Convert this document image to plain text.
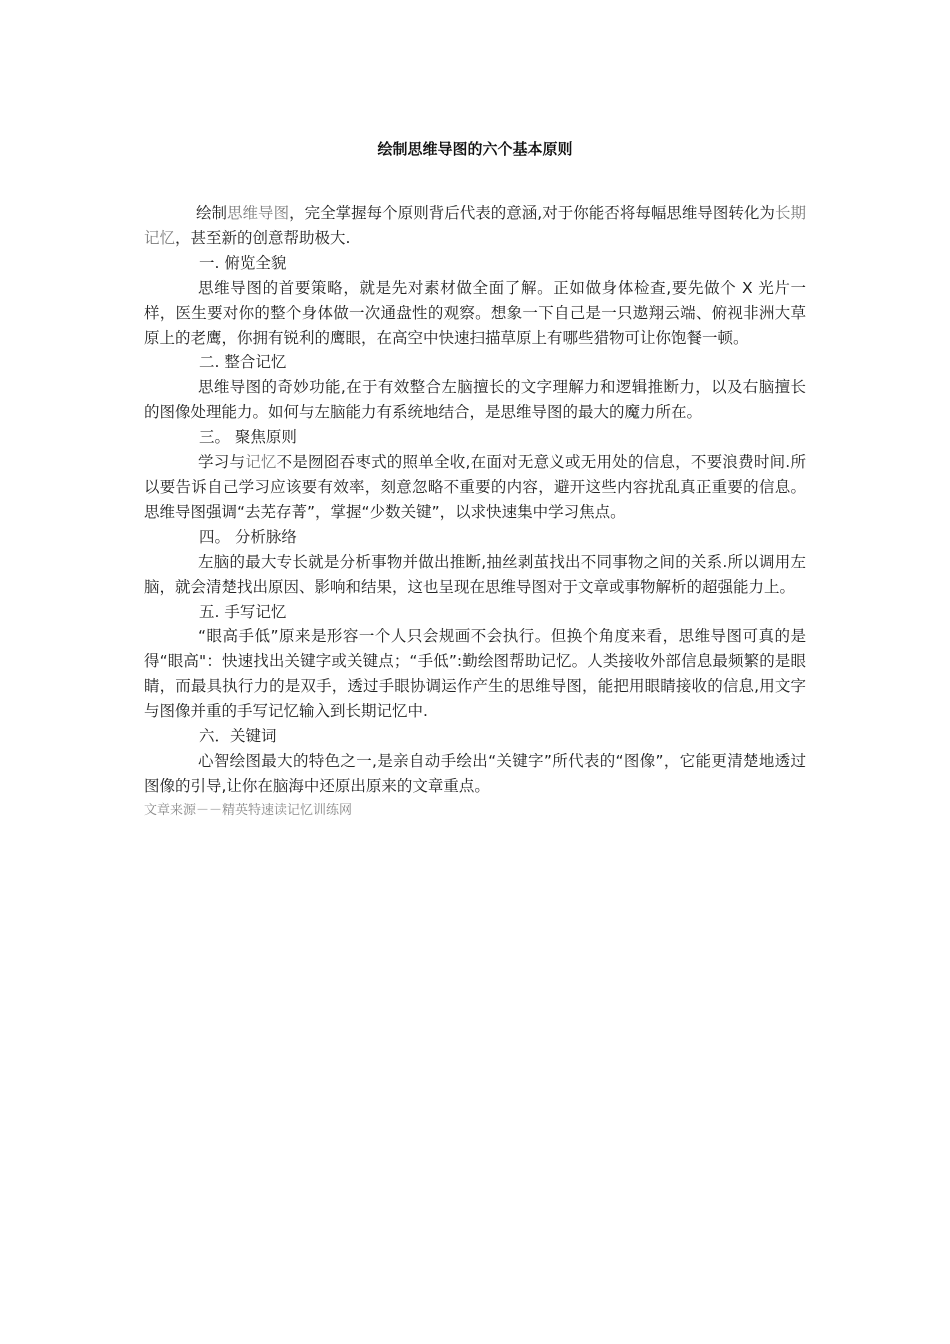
绘制思维导图的六个基本原则

绘制思维导图，完全掌握每个原则背后代表的意涵,对于你能否将每幅思维导图转化为长期记忆，甚至新的创意帮助极大.

一. 俯览全貌

思维导图的首要策略，就是先对素材做全面了解。正如做身体检查,要先做个 X 光片一样，医生要对你的整个身体做一次通盘性的观察。想象一下自己是一只遨翔云端、俯视非洲大草原上的老鹰，你拥有锐利的鹰眼，在高空中快速扫描草原上有哪些猎物可让你饱餐一顿。

二. 整合记忆

思维导图的奇妙功能,在于有效整合左脑擅长的文字理解力和逻辑推断力，以及右脑擅长的图像处理能力。如何与左脑能力有系统地结合，是思维导图的最大的魔力所在。

三。 聚焦原则

学习与记忆不是囫囵吞枣式的照单全收,在面对无意义或无用处的信息，不要浪费时间.所以要告诉自己学习应该要有效率，刻意忽略不重要的内容，避开这些内容扰乱真正重要的信息。思维导图强调“去芜存菁”，掌握“少数关键”，以求快速集中学习焦点。

四。 分析脉络

左脑的最大专长就是分析事物并做出推断,抽丝剥茧找出不同事物之间的关系.所以调用左脑，就会清楚找出原因、影响和结果，这也呈现在思维导图对于文章或事物解析的超强能力上。

五. 手写记忆

“眼高手低”原来是形容一个人只会规画不会执行。但换个角度来看，思维导图可真的是得“眼高"：快速找出关键字或关键点；“手低”:勤绘图帮助记忆。人类接收外部信息最频繁的是眼睛，而最具执行力的是双手，透过手眼协调运作产生的思维导图，能把用眼睛接收的信息,用文字与图像并重的手写记忆输入到长期记忆中.

六．关键词

心智绘图最大的特色之一,是亲自动手绘出“关键字”所代表的“图像”，它能更清楚地透过图像的引导,让你在脑海中还原出原来的文章重点。

文章来源－－精英特速读记忆训练网
